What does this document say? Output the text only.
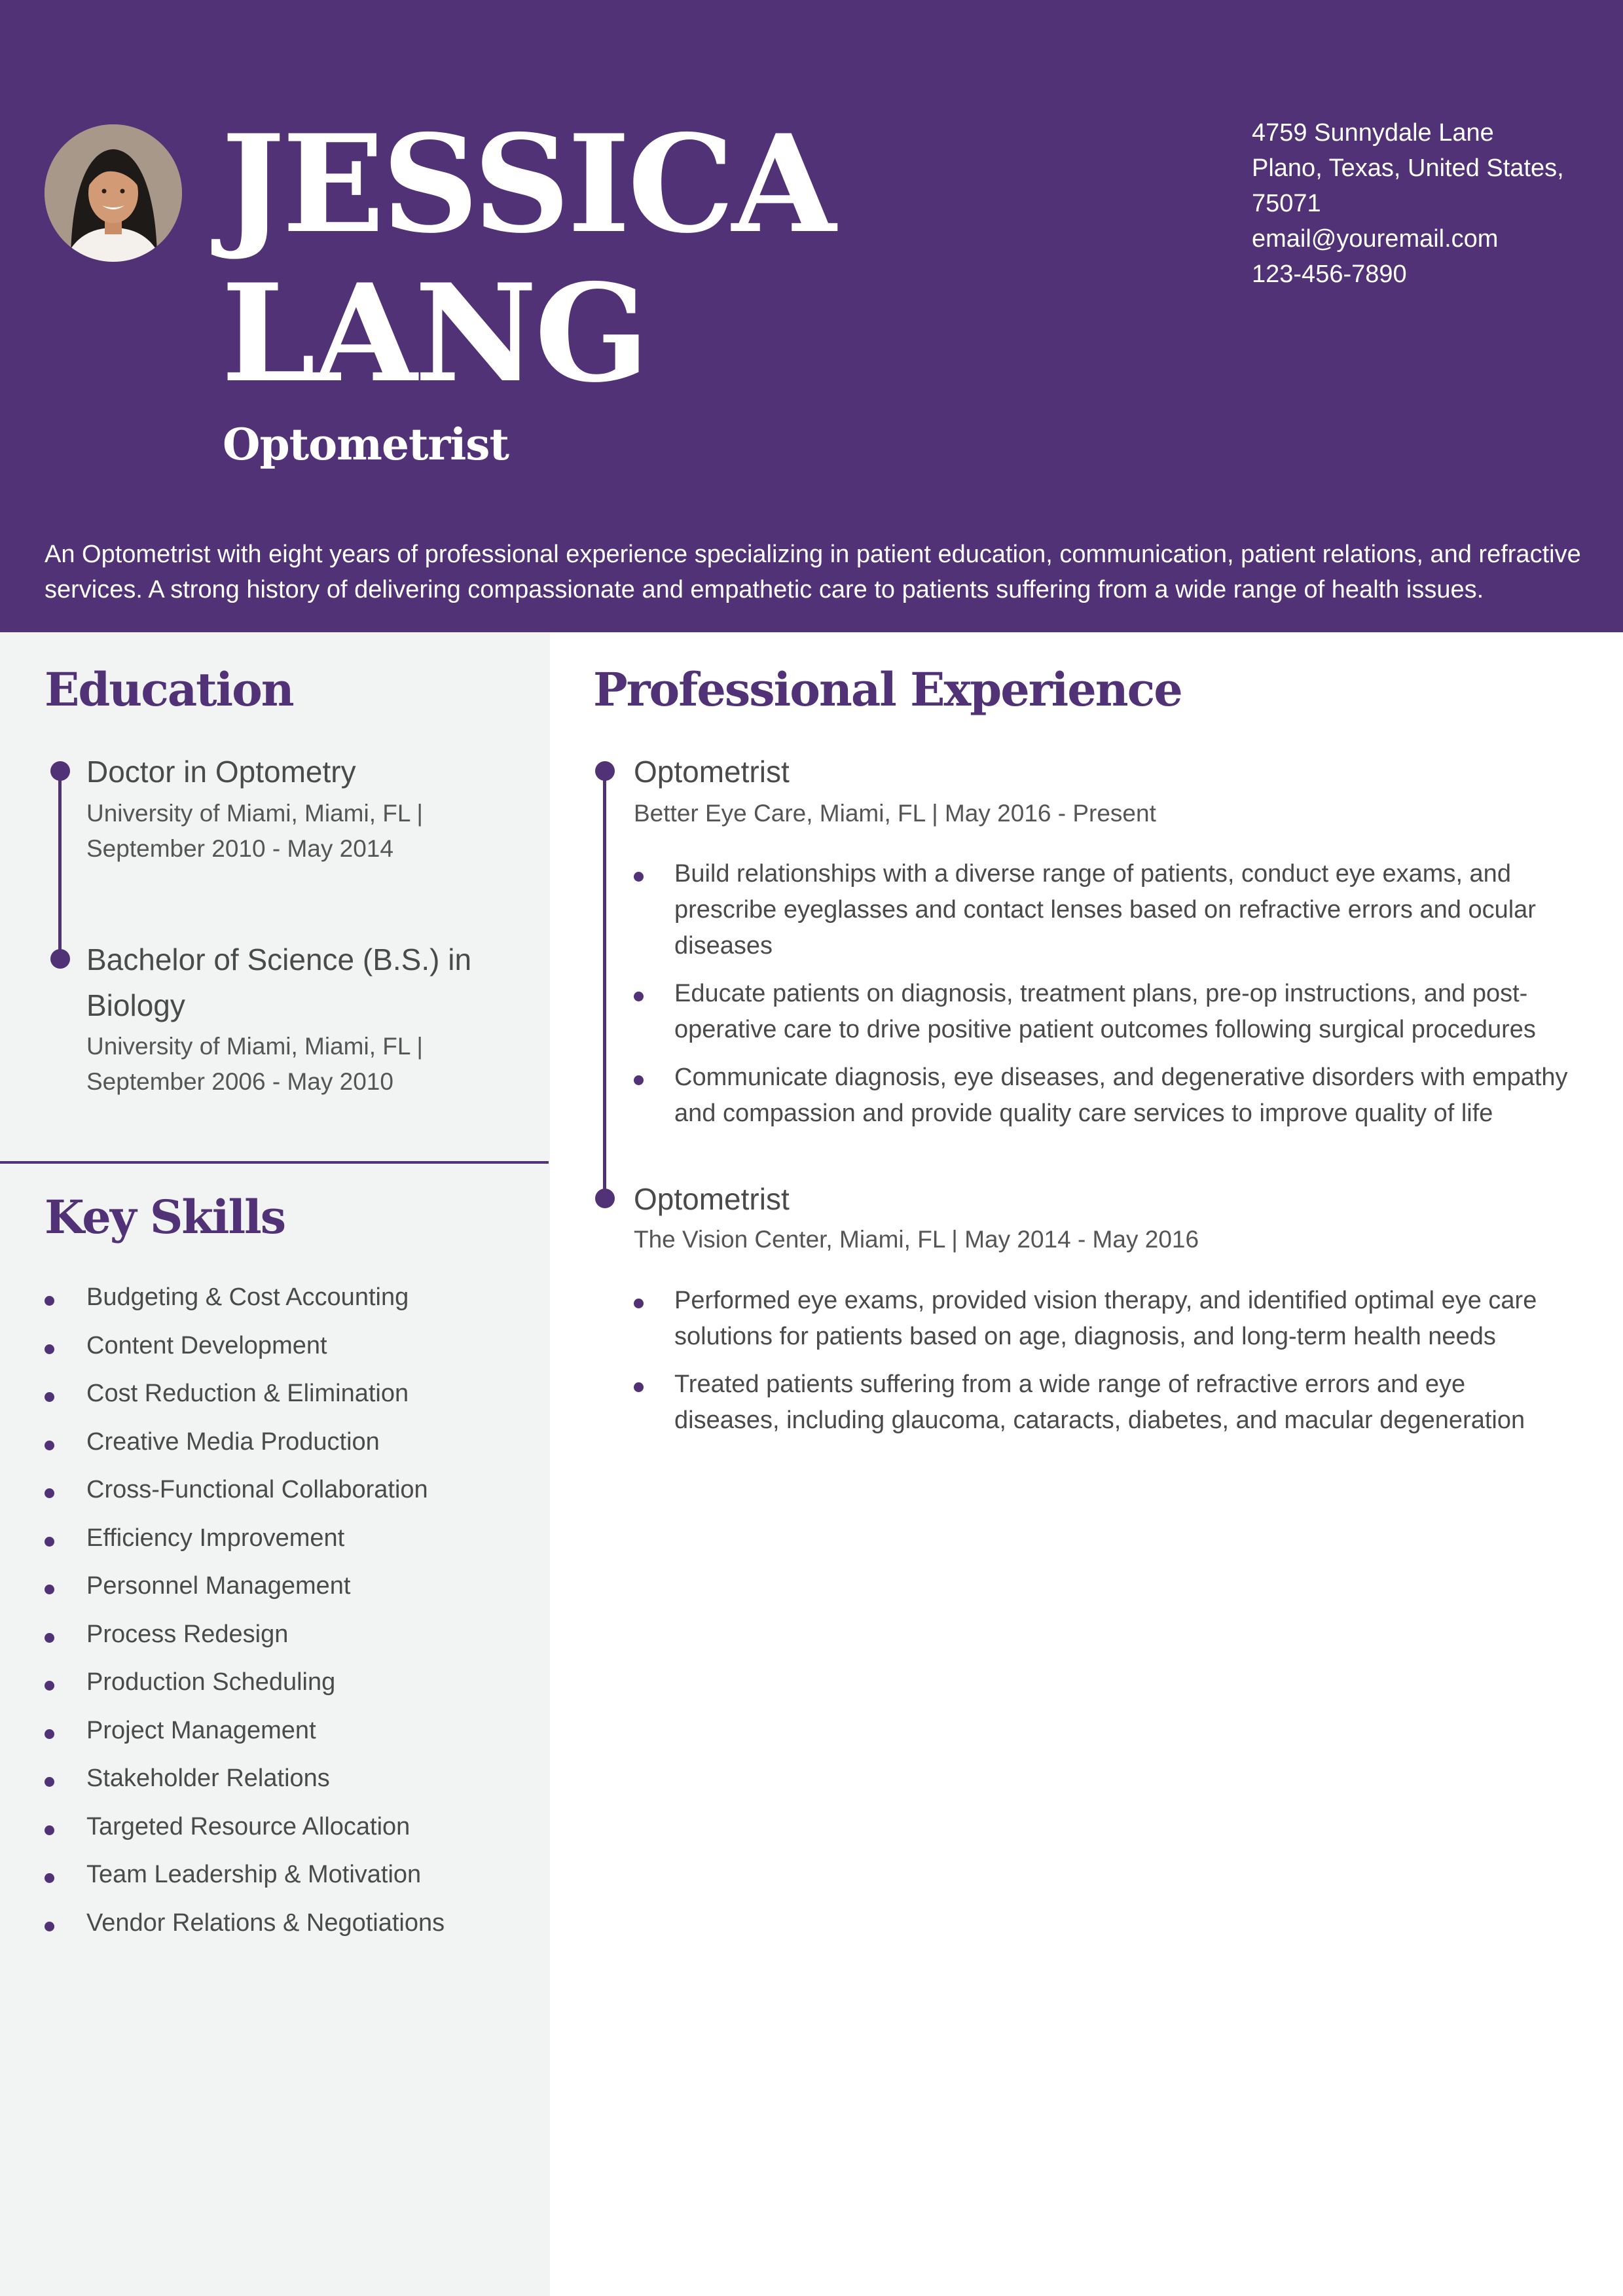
JESSICA
LANG
Optometrist
4759 Sunnydale Lane
Plano, Texas, United States, 75071
email@youremail.com
123-456-7890
An Optometrist with eight years of professional experience specializing in patient education, communication, patient relations, and refractive services. A strong history of delivering compassionate and empathetic care to patients suffering from a wide range of health issues.
Education
Doctor in Optometry
University of Miami, Miami, FL | September 2010 - May 2014
Bachelor of Science (B.S.) in Biology
University of Miami, Miami, FL | September 2006 - May 2010
Key Skills
Budgeting & Cost Accounting
Content Development
Cost Reduction & Elimination
Creative Media Production
Cross-Functional Collaboration
Efficiency Improvement
Personnel Management
Process Redesign
Production Scheduling
Project Management
Stakeholder Relations
Targeted Resource Allocation
Team Leadership & Motivation
Vendor Relations & Negotiations
Professional Experience
Optometrist
Better Eye Care, Miami, FL | May 2016 - Present
Build relationships with a diverse range of patients, conduct eye exams, and prescribe eyeglasses and contact lenses based on refractive errors and ocular diseases
Educate patients on diagnosis, treatment plans, pre-op instructions, and post-operative care to drive positive patient outcomes following surgical procedures
Communicate diagnosis, eye diseases, and degenerative disorders with empathy and compassion and provide quality care services to improve quality of life
Optometrist
The Vision Center, Miami, FL | May 2014 - May 2016
Performed eye exams, provided vision therapy, and identified optimal eye care solutions for patients based on age, diagnosis, and long-term health needs
Treated patients suffering from a wide range of refractive errors and eye diseases, including glaucoma, cataracts, diabetes, and macular degeneration
